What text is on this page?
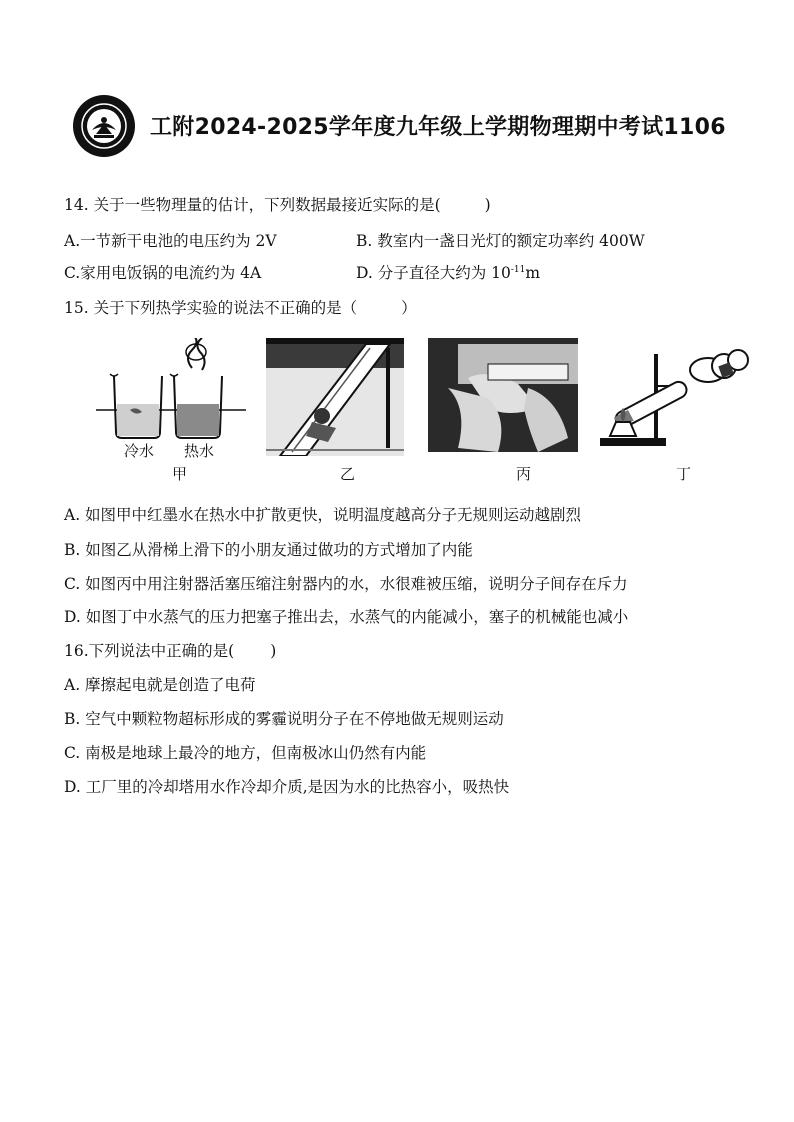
工附2024-2025学年度九年级上学期物理期中考试1106
14. 关于一些物理量的估计，下列数据最接近实际的是(	)
A.一节新干电池的电压约为 2V	B. 教室内一盏日光灯的额定功率约 400W
C.家用电饭锅的电流约为 4A	D. 分子直径大约为 $10^{-11}m$
15. 关于下列热学实验的说法不正确的是（	）
冷水 热水
甲	乙	丙	丁
A. 如图甲中红墨水在热水中扩散更快，说明温度越高分子无规则运动越剧烈
B. 如图乙从滑梯上滑下的小朋友通过做功的方式增加了内能
C. 如图丙中用注射器活塞压缩注射器内的水，水很难被压缩，说明分子间存在斥力
D. 如图丁中水蒸气的压力把塞子推出去，水蒸气的内能减小，塞子的机械能也减小
16.下列说法中正确的是( )
A. 摩擦起电就是创造了电荷
B. 空气中颗粒物超标形成的雾霾说明分子在不停地做无规则运动
C. 南极是地球上最冷的地方，但南极冰山仍然有内能
D. 工厂里的冷却塔用水作冷却介质,是因为水的比热容小，吸热快
